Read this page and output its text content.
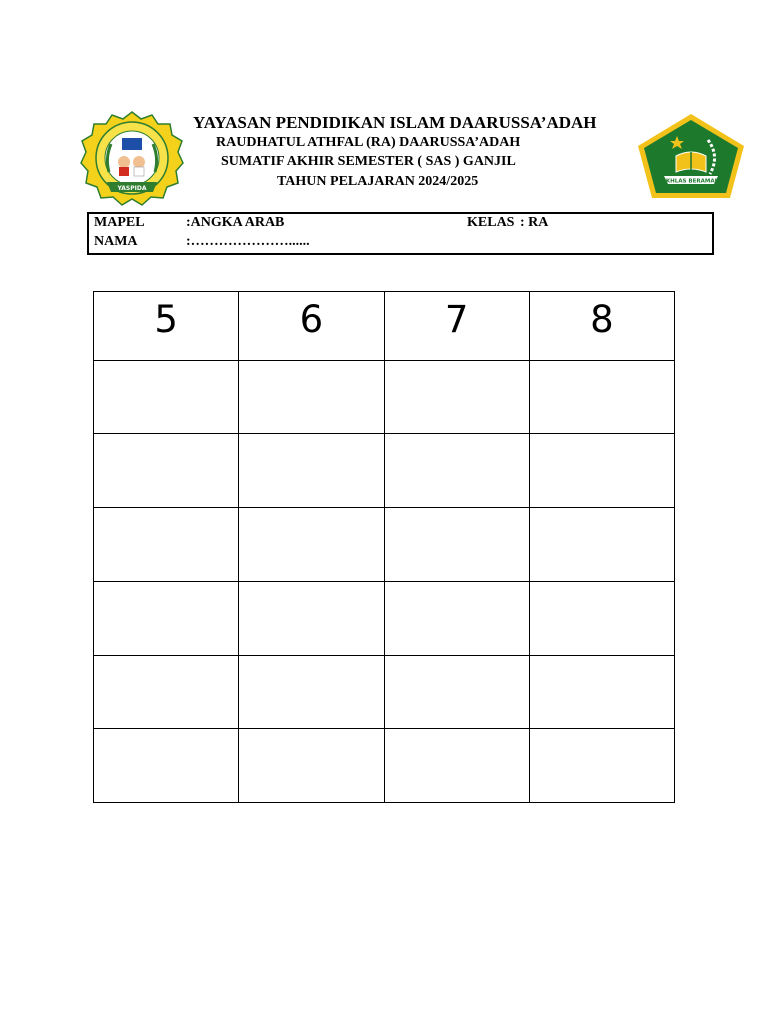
YASPIDA
IKHLAS BERAMAL
YAYASAN PENDIDIKAN ISLAM DAARUSSA’ADAH
RAUDHATUL ATHFAL (RA) DAARUSSA’ADAH
SUMATIF AKHIR SEMESTER ( SAS ) GANJIL
TAHUN PELAJARAN 2024/2025
MAPEL	:ANGKA ARAB	KELAS : RA
NAMA	:…………………......
5	6	7	8
